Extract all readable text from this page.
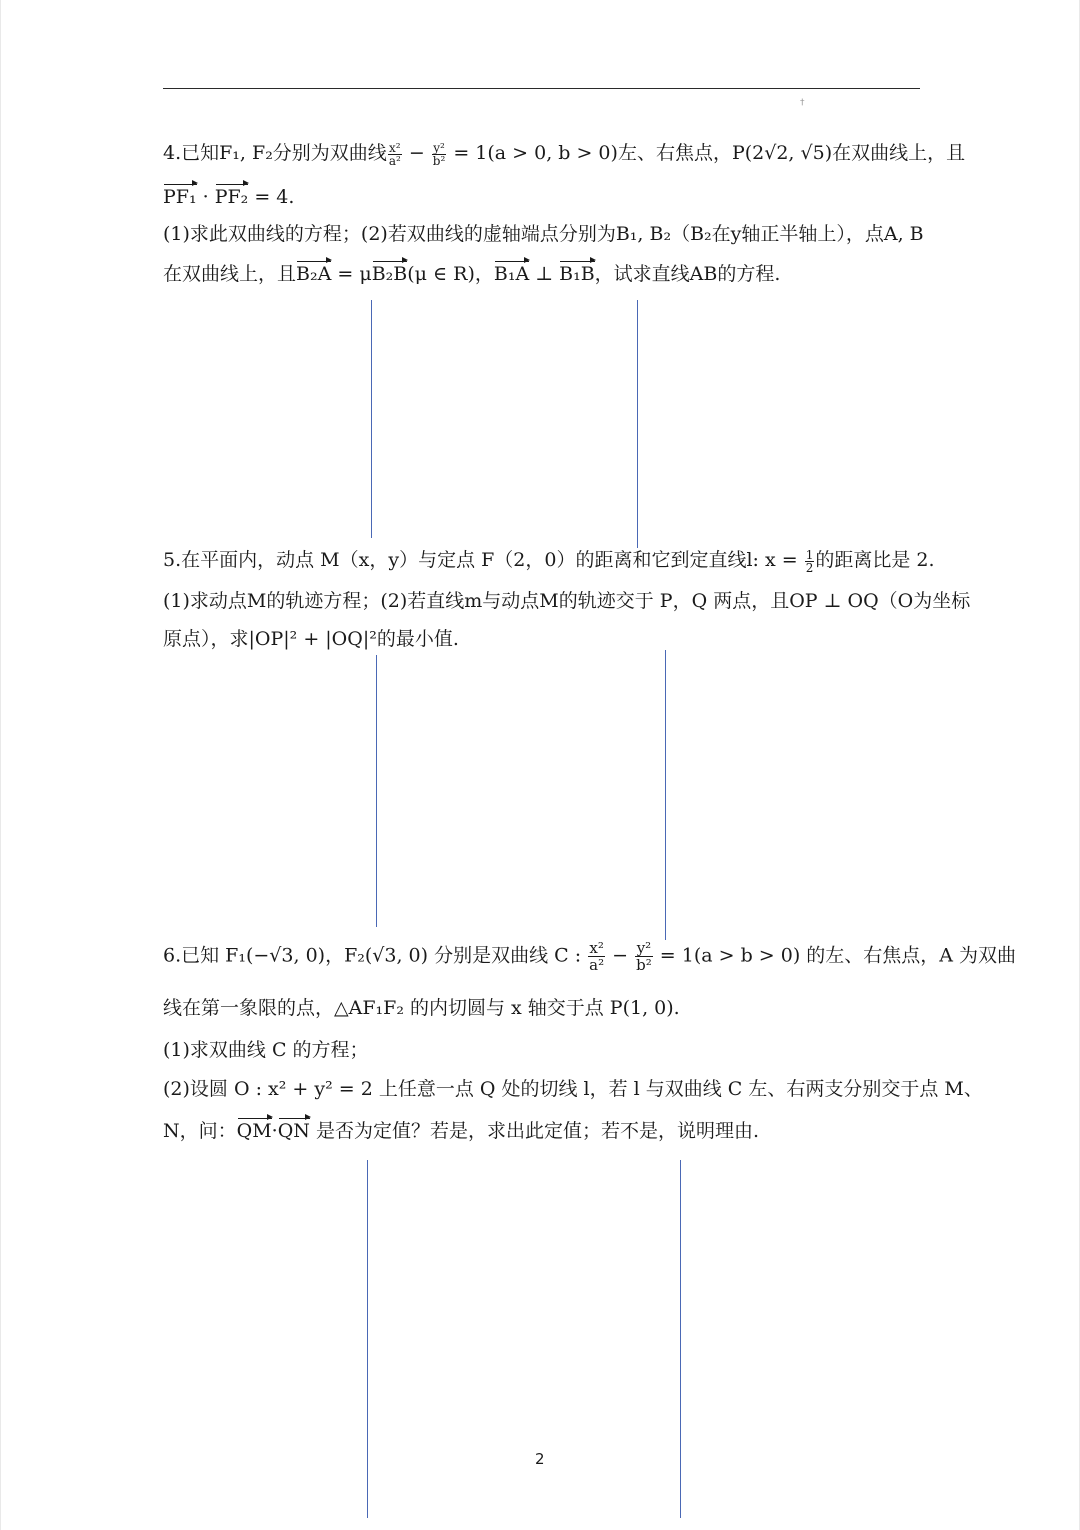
†
4.已知F₁, F₂分别为双曲线 $\frac{\text{x²}}{\text{a²}} - \frac{\text{y²}}{\text{b²}} = 1(a > 0$, b > 0)左、右焦点，P(2√2, √5)在双曲线上，且
PF₁ · PF₂ = 4.
(1)求此双曲线的方程；(2)若双曲线的虚轴端点分别为B₁, B₂（B₂在y轴正半轴上），点A, B
在双曲线上，且B₂A = μB₂B(μ ∈ R)，B₁A ⊥ B₁B，试求直线AB的方程.
5.在平面内，动点 M（x，y）与定点 F（2，0）的距离和它到定直线l: $x = \frac{1}{2}$ 的距离比是 2.
(1)求动点M的轨迹方程；(2)若直线m与动点M的轨迹交于 P，Q 两点，且OP ⊥ OQ（O为坐标
原点），求|OP|² + |OQ|²的最小值.
6.已知 F₁(−√3, 0)，F₂(√3, 0) 分别是双曲线 C : $\frac{\text{x²}}{\text{a²}} - \frac{\text{y²}}{\text{b²}} = 1(a > b > 0)$ 的左、右焦点，A 为双曲
线在第一象限的点，△AF₁F₂ 的内切圆与 x 轴交于点 P(1, 0).
(1)求双曲线 C 的方程；
(2)设圆 O : x² + y² = 2 上任意一点 Q 处的切线 l，若 l 与双曲线 C 左、右两支分别交于点 M、
N，问：QM·QN 是否为定值？若是，求出此定值；若不是，说明理由.
2
